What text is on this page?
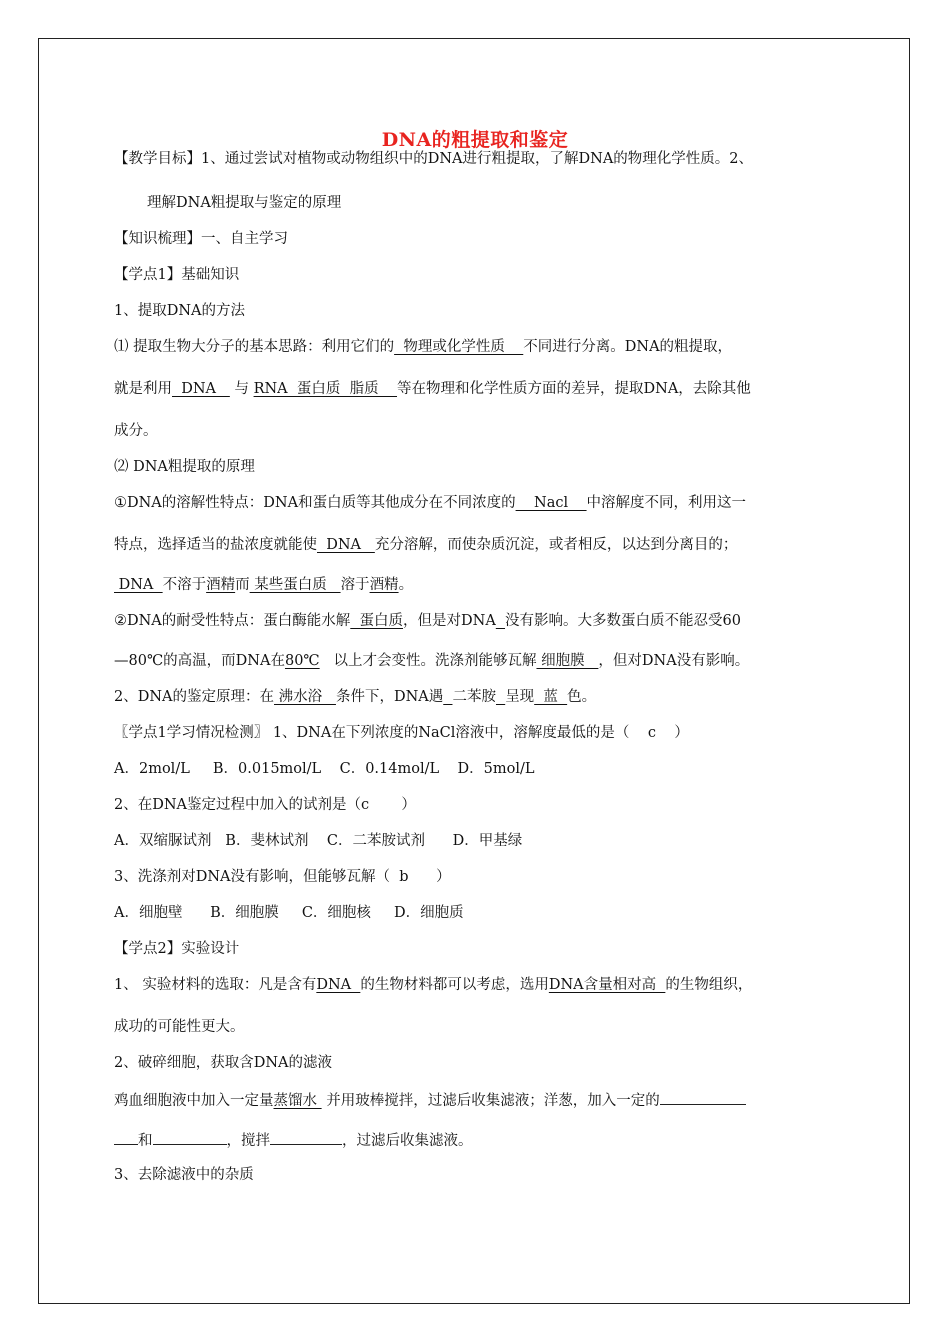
DNA的粗提取和鉴定
【教学目标】1、通过尝试对植物或动物组织中的DNA进行粗提取，了解DNA的物理化学性质。2、
理解DNA粗提取与鉴定的原理
【知识梳理】一、自主学习
【学点1】基础知识
1、提取DNA的方法
⑴ 提取生物大分子的基本思路：利用它们的  物理或化学性质    不同进行分离。DNA的粗提取，
就是利用  DNA    与 RNA  蛋白质  脂质    等在物理和化学性质方面的差异，提取DNA，去除其他
成分。
⑵ DNA粗提取的原理
①DNA的溶解性特点：DNA和蛋白质等其他成分在不同浓度的    Nacl    中溶解度不同，利用这一
特点，选择适当的盐浓度就能使  DNA   充分溶解，而使杂质沉淀，或者相反，以达到分离目的；
DNA  不溶于酒精而 某些蛋白质   溶于酒精。
②DNA的耐受性特点：蛋白酶能水解  蛋白质，但是对DNA 没有影响。大多数蛋白质不能忍受60
—80℃的高温，而DNA在80℃   以上才会变性。洗涤剂能够瓦解 细胞膜   ，但对DNA没有影响。
2、DNA的鉴定原理：在 沸水浴   条件下，DNA遇 二苯胺 呈现  蓝  色。
〖学点1学习情况检测〗 1、DNA在下列浓度的NaCl溶液中，溶解度最低的是（    c    ）
A．2mol/L     B．0.015mol/L    C．0.14mol/L    D．5mol/L
2、在DNA鉴定过程中加入的试剂是（c       ）
A．双缩脲试剂   B．斐林试剂    C．二苯胺试剂      D．甲基绿
3、洗涤剂对DNA没有影响，但能够瓦解（  b      ）
A．细胞壁      B．细胞膜     C．细胞核     D．细胞质
【学点2】实验设计
1、 实验材料的选取：凡是含有DNA  的生物材料都可以考虑，选用DNA含量相对高  的生物组织，
成功的可能性更大。
2、破碎细胞，获取含DNA的滤液
鸡血细胞液中加入一定量蒸馏水  并用玻棒搅拌，过滤后收集滤液；洋葱，加入一定的
和	，搅拌	，过滤后收集滤液。
3、去除滤液中的杂质
